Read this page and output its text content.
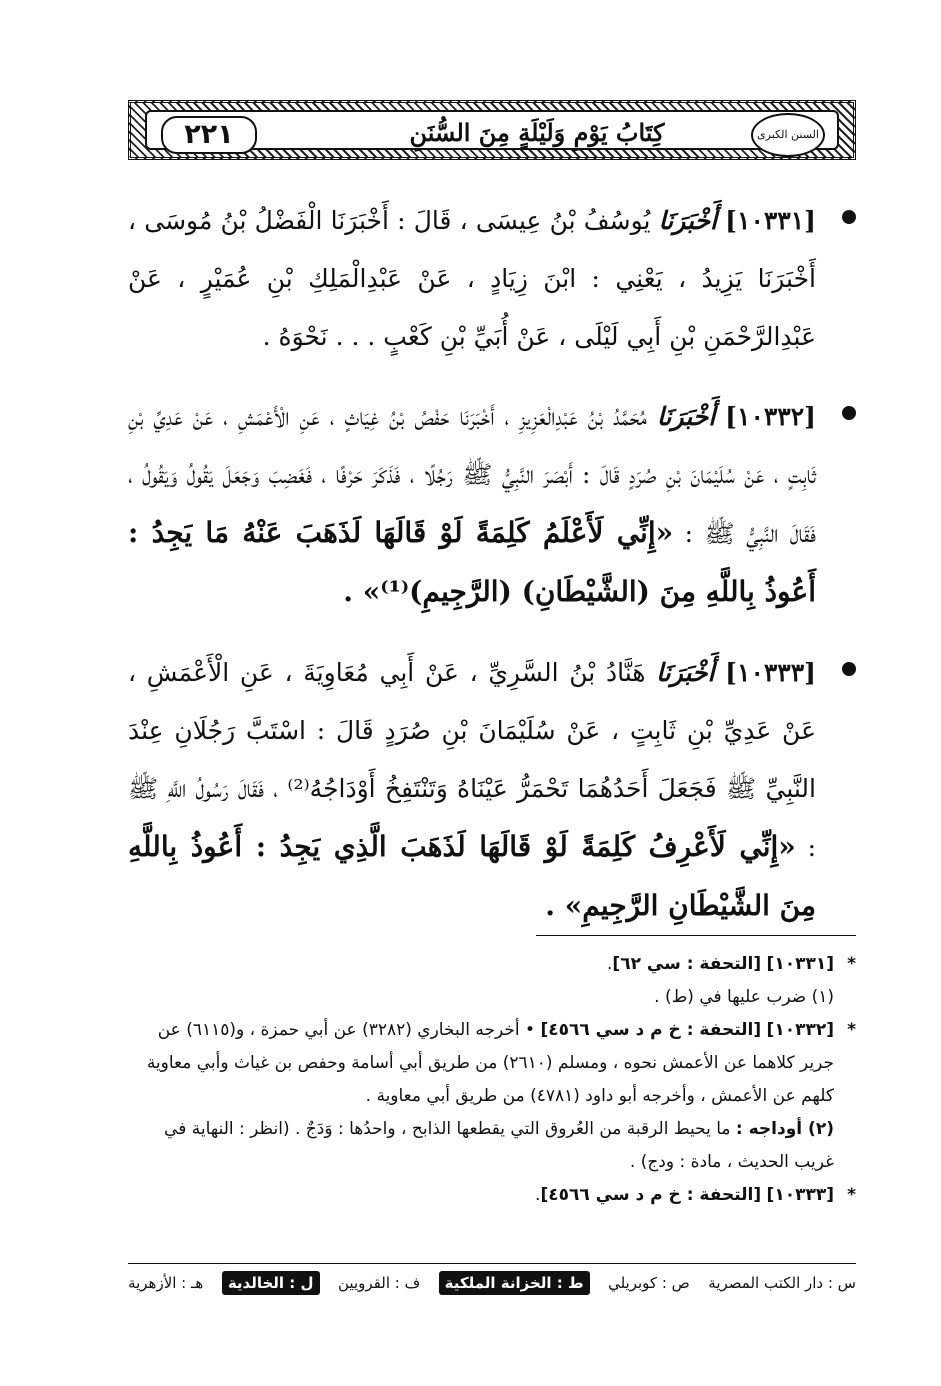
٢٢١	كِتَابُ يَوْمِ وَلَيْلَةٍ مِنَ السُّنَنِ	السنن الكبرى

[١٠٣٣١] أَخْبَرَنَا يُوسُفُ بْنُ عِيسَى ، قَالَ : أَخْبَرَنَا الْفَضْلُ بْنُ مُوسَى ، أَخْبَرَنَا يَزِيدُ ، يَعْنِي : ابْنَ زِيَادٍ ، عَنْ عَبْدِالْمَلِكِ بْنِ عُمَيْرٍ ، عَنْ عَبْدِالرَّحْمَنِ بْنِ أَبِي لَيْلَى ، عَنْ أُبَيِّ بْنِ كَعْبٍ . . . نَحْوَهُ .

[١٠٣٣٢] أَخْبَرَنَا مُحَمَّدُ بْنُ عَبْدِالْعَزِيزِ ، أَخْبَرَنَا حَفْصُ بْنُ غِيَاثٍ ، عَنِ الْأَعْمَشِ ، عَنْ عَدِيِّ بْنِ ثَابِتٍ ، عَنْ سُلَيْمَانَ بْنِ صُرَدٍ قَالَ : أَبْصَرَ النَّبِيُّ ﷺ رَجُلًا ، فَذَكَرَ حَرْفًا ، فَغَضِبَ وَجَعَلَ يَقُولُ وَيَقُولُ ، فَقَالَ النَّبِيُّ ﷺ : «إِنِّي لَأَعْلَمُ كَلِمَةً لَوْ قَالَهَا لَذَهَبَ عَنْهُ مَا يَجِدُ : أَعُوذُ بِاللَّهِ مِنَ (الشَّيْطَانِ) (الرَّجِيمِ)⁽¹⁾» .

[١٠٣٣٣] أَخْبَرَنَا هَنَّادُ بْنُ السَّرِيِّ ، عَنْ أَبِي مُعَاوِيَةَ ، عَنِ الْأَعْمَشِ ، عَنْ عَدِيِّ بْنِ ثَابِتٍ ، عَنْ سُلَيْمَانَ بْنِ صُرَدٍ قَالَ : اسْتَبَّ رَجُلَانِ عِنْدَ النَّبِيِّ ﷺ فَجَعَلَ أَحَدُهُمَا تَحْمَرُّ عَيْنَاهُ وَتَنْتَفِخُ أَوْدَاجُهُ⁽²⁾ ، فَقَالَ رَسُولُ اللَّهِ ﷺ : «إِنِّي لَأَعْرِفُ كَلِمَةً لَوْ قَالَهَا لَذَهَبَ الَّذِي يَجِدُ : أَعُوذُ بِاللَّهِ مِنَ الشَّيْطَانِ الرَّجِيمِ» .

*
[١٠٣٣١] [التحفة : سي ٦٢].

(١) ضرب عليها في (ط) .

*
[١٠٣٣٢] [التحفة : خ م د سي ٤٥٦٦] • أخرجه البخاري (٣٢٨٢) عن أبي حمزة ، و(٦١١٥) عن جرير كلاهما عن الأعمش نحوه ، ومسلم (٢٦١٠) من طريق أبي أسامة وحفص بن غياث وأبي معاوية كلهم عن الأعمش ، وأخرجه أبو داود (٤٧٨١) من طريق أبي معاوية .

(٢) أوداجه : ما يحيط الرقبة من العُروق التي يقطعها الذابح ، واحدُها : وَدَجٌ . (انظر : النهاية في غريب الحديث ، مادة : ودج) .

*
[١٠٣٣٣] [التحفة : خ م د سي ٤٥٦٦].

س : دار الكتب المصرية
ص : كوبريلي
ط : الخزانة الملكية
ف : القرويين
ل : الخالدية
هـ : الأزهرية
